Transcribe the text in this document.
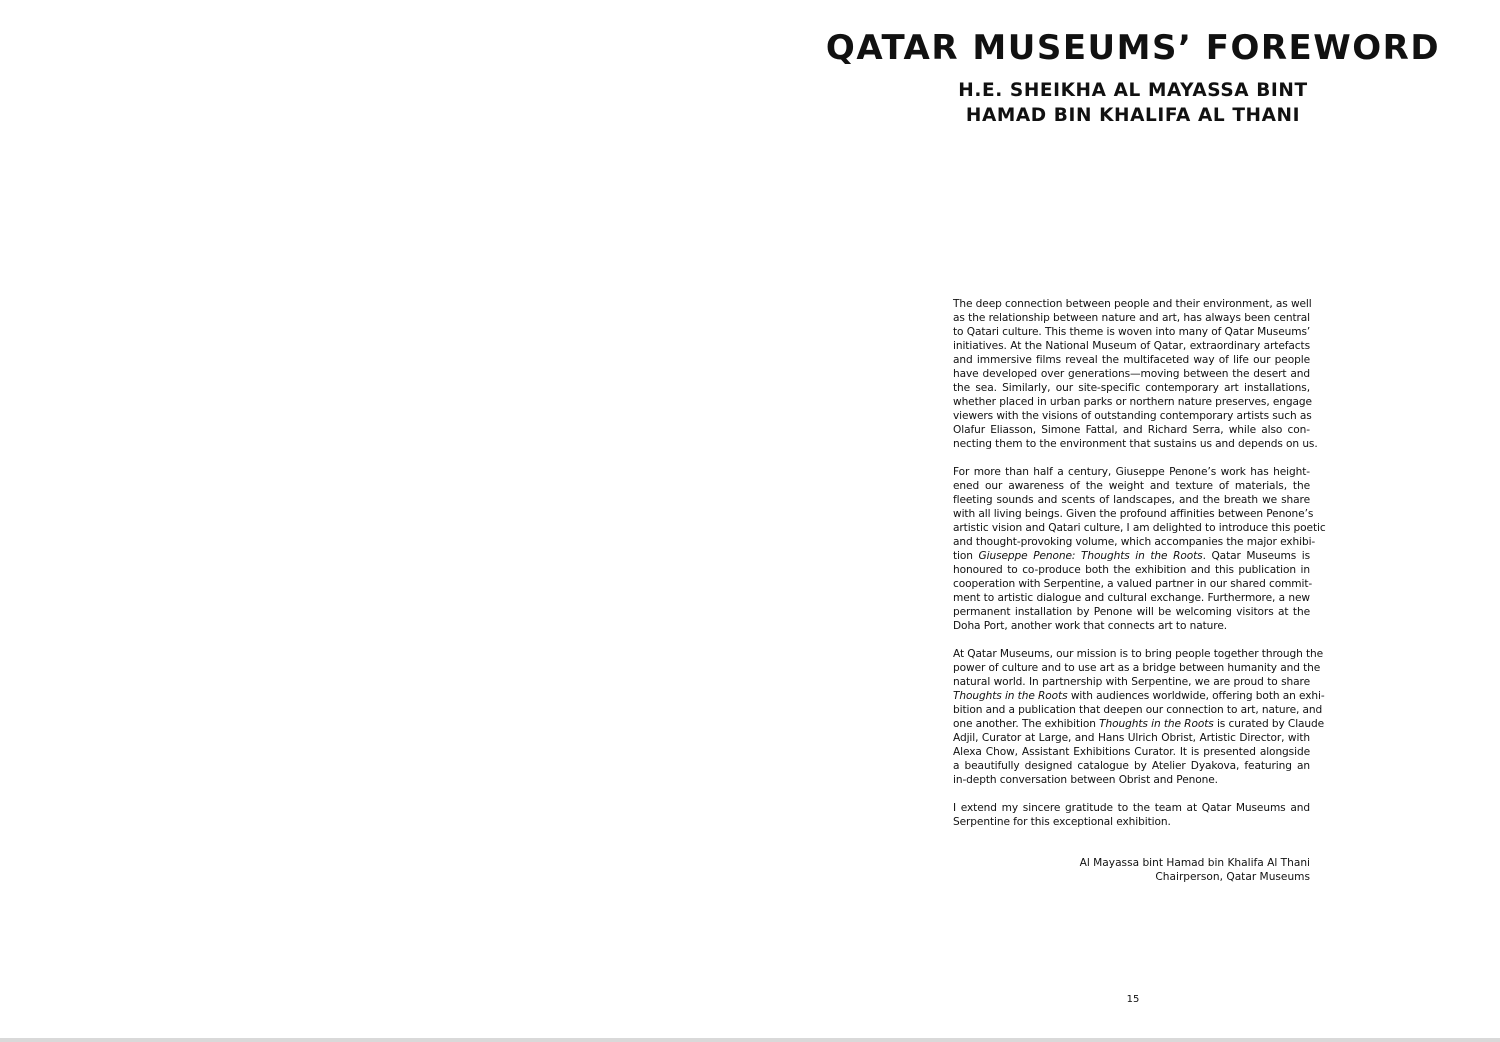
QATAR MUSEUMS’ FOREWORD
H.E. SHEIKHA AL MAYASSA BINT
HAMAD BIN KHALIFA AL THANI

The deep connection between people and their environment, as well
as the relationship between nature and art, has always been central
to Qatari culture. This theme is woven into many of Qatar Museums’
initiatives. At the National Museum of Qatar, extraordinary artefacts
and immersive films reveal the multifaceted way of life our people
have developed over generations—moving between the desert and
the sea. Similarly, our site-specific contemporary art installations,
whether placed in urban parks or northern nature preserves, engage
viewers with the visions of outstanding contemporary artists such as
Olafur Eliasson, Simone Fattal, and Richard Serra, while also con-
necting them to the environment that sustains us and depends on us.

For more than half a century, Giuseppe Penone’s work has height-
ened our awareness of the weight and texture of materials, the
fleeting sounds and scents of landscapes, and the breath we share
with all living beings. Given the profound affinities between Penone’s
artistic vision and Qatari culture, I am delighted to introduce this poetic
and thought-provoking volume, which accompanies the major exhibi-
tion Giuseppe Penone: Thoughts in the Roots. Qatar Museums is
honoured to co-produce both the exhibition and this publication in
cooperation with Serpentine, a valued partner in our shared commit-
ment to artistic dialogue and cultural exchange. Furthermore, a new
permanent installation by Penone will be welcoming visitors at the
Doha Port, another work that connects art to nature.

At Qatar Museums, our mission is to bring people together through the
power of culture and to use art as a bridge between humanity and the
natural world. In partnership with Serpentine, we are proud to share
Thoughts in the Roots with audiences worldwide, offering both an exhi-
bition and a publication that deepen our connection to art, nature, and
one another. The exhibition Thoughts in the Roots is curated by Claude
Adjil, Curator at Large, and Hans Ulrich Obrist, Artistic Director, with
Alexa Chow, Assistant Exhibitions Curator. It is presented alongside
a beautifully designed catalogue by Atelier Dyakova, featuring an
in-depth conversation between Obrist and Penone.

I extend my sincere gratitude to the team at Qatar Museums and
Serpentine for this exceptional exhibition.

Al Mayassa bint Hamad bin Khalifa Al Thani
Chairperson, Qatar Museums
15
